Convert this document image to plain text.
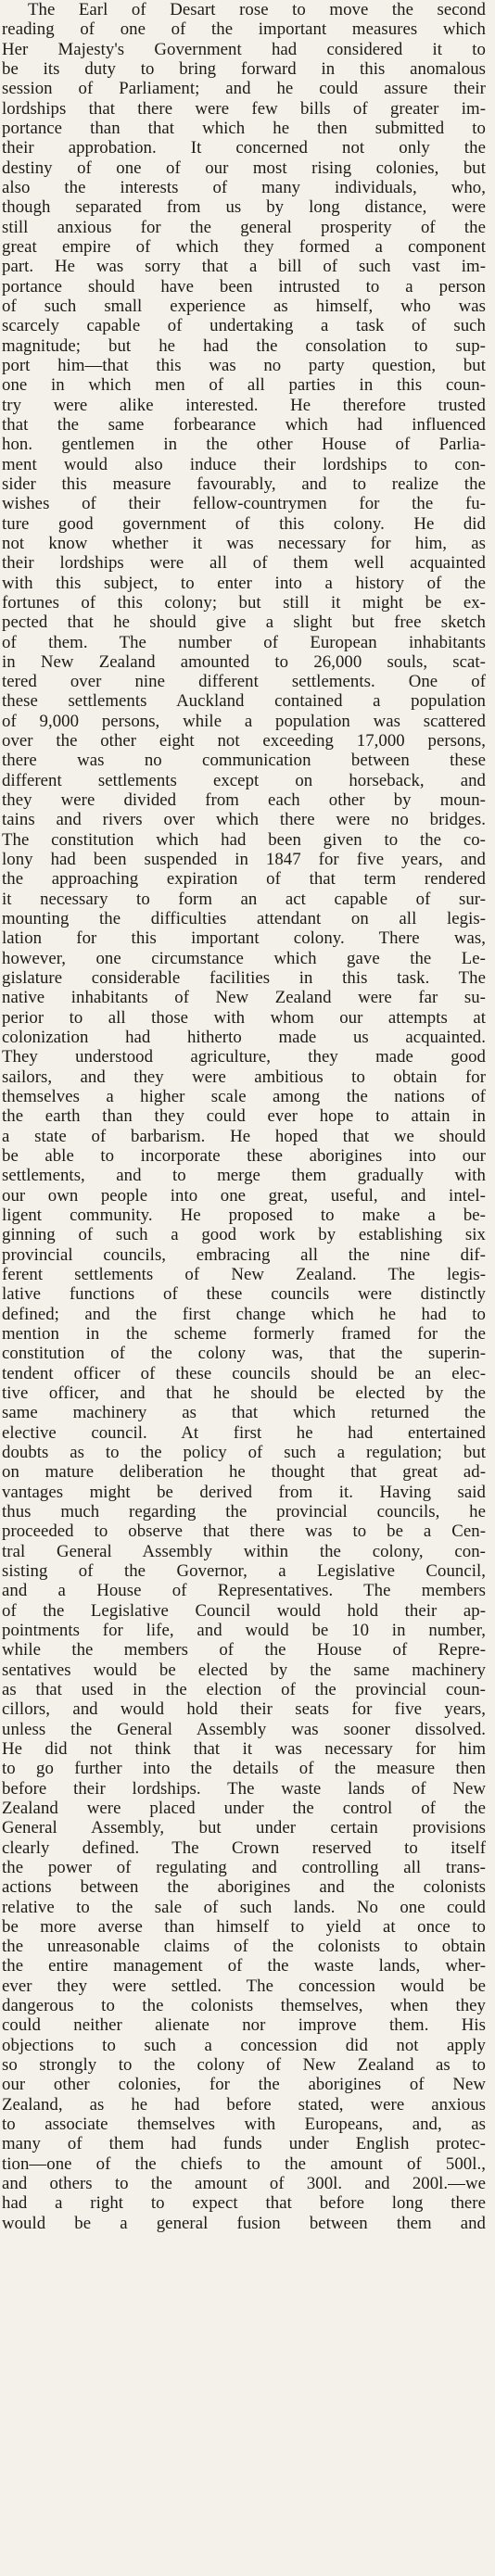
The Earl of Desart rose to move the second
reading of one of the important measures which
Her Majesty's Government had considered it to
be its duty to bring forward in this anomalous
session of Parliament; and he could assure their
lordships that there were few bills of greater im-
portance than that which he then submitted to
their approbation. It concerned not only the
destiny of one of our most rising colonies, but
also the interests of many individuals, who,
though separated from us by long distance, were
still anxious for the general prosperity of the
great empire of which they formed a component
part. He was sorry that a bill of such vast im-
portance should have been intrusted to a person
of such small experience as himself, who was
scarcely capable of undertaking a task of such
magnitude; but he had the consolation to sup-
port him—that this was no party question, but
one in which men of all parties in this coun-
try were alike interested. He therefore trusted
that the same forbearance which had influenced
hon. gentlemen in the other House of Parlia-
ment would also induce their lordships to con-
sider this measure favourably, and to realize the
wishes of their fellow-countrymen for the fu-
ture good government of this colony. He did
not know whether it was necessary for him, as
their lordships were all of them well acquainted
with this subject, to enter into a history of the
fortunes of this colony; but still it might be ex-
pected that he should give a slight but free sketch
of them. The number of European inhabitants
in New Zealand amounted to 26,000 souls, scat-
tered over nine different settlements. One of
these settlements Auckland contained a population
of 9,000 persons, while a population was scattered
over the other eight not exceeding 17,000 persons,
there was no communication between these
different settlements except on horseback, and
they were divided from each other by moun-
tains and rivers over which there were no bridges.
The constitution which had been given to the co-
lony had been suspended in 1847 for five years, and
the approaching expiration of that term rendered
it necessary to form an act capable of sur-
mounting the difficulties attendant on all legis-
lation for this important colony. There was,
however, one circumstance which gave the Le-
gislature considerable facilities in this task. The
native inhabitants of New Zealand were far su-
perior to all those with whom our attempts at
colonization had hitherto made us acquainted.
They understood agriculture, they made good
sailors, and they were ambitious to obtain for
themselves a higher scale among the nations of
the earth than they could ever hope to attain in
a state of barbarism. He hoped that we should
be able to incorporate these aborigines into our
settlements, and to merge them gradually with
our own people into one great, useful, and intel-
ligent community. He proposed to make a be-
ginning of such a good work by establishing six
provincial councils, embracing all the nine dif-
ferent settlements of New Zealand. The legis-
lative functions of these councils were distinctly
defined; and the first change which he had to
mention in the scheme formerly framed for the
constitution of the colony was, that the superin-
tendent officer of these councils should be an elec-
tive officer, and that he should be elected by the
same machinery as that which returned the
elective council. At first he had entertained
doubts as to the policy of such a regulation; but
on mature deliberation he thought that great ad-
vantages might be derived from it. Having said
thus much regarding the provincial councils, he
proceeded to observe that there was to be a Cen-
tral General Assembly within the colony, con-
sisting of the Governor, a Legislative Council,
and a House of Representatives. The members
of the Legislative Council would hold their ap-
pointments for life, and would be 10 in number,
while the members of the House of Repre-
sentatives would be elected by the same machinery
as that used in the election of the provincial coun-
cillors, and would hold their seats for five years,
unless the General Assembly was sooner dissolved.
He did not think that it was necessary for him
to go further into the details of the measure then
before their lordships. The waste lands of New
Zealand were placed under the control of the
General Assembly, but under certain provisions
clearly defined. The Crown reserved to itself
the power of regulating and controlling all trans-
actions between the aborigines and the colonists
relative to the sale of such lands. No one could
be more averse than himself to yield at once to
the unreasonable claims of the colonists to obtain
the entire management of the waste lands, wher-
ever they were settled. The concession would be
dangerous to the colonists themselves, when they
could neither alienate nor improve them. His
objections to such a concession did not apply
so strongly to the colony of New Zealand as to
our other colonies, for the aborigines of New
Zealand, as he had before stated, were anxious
to associate themselves with Europeans, and, as
many of them had funds under English protec-
tion—one of the chiefs to the amount of 500l.,
and others to the amount of 300l. and 200l.—we
had a right to expect that before long there
would be a general fusion between them and
